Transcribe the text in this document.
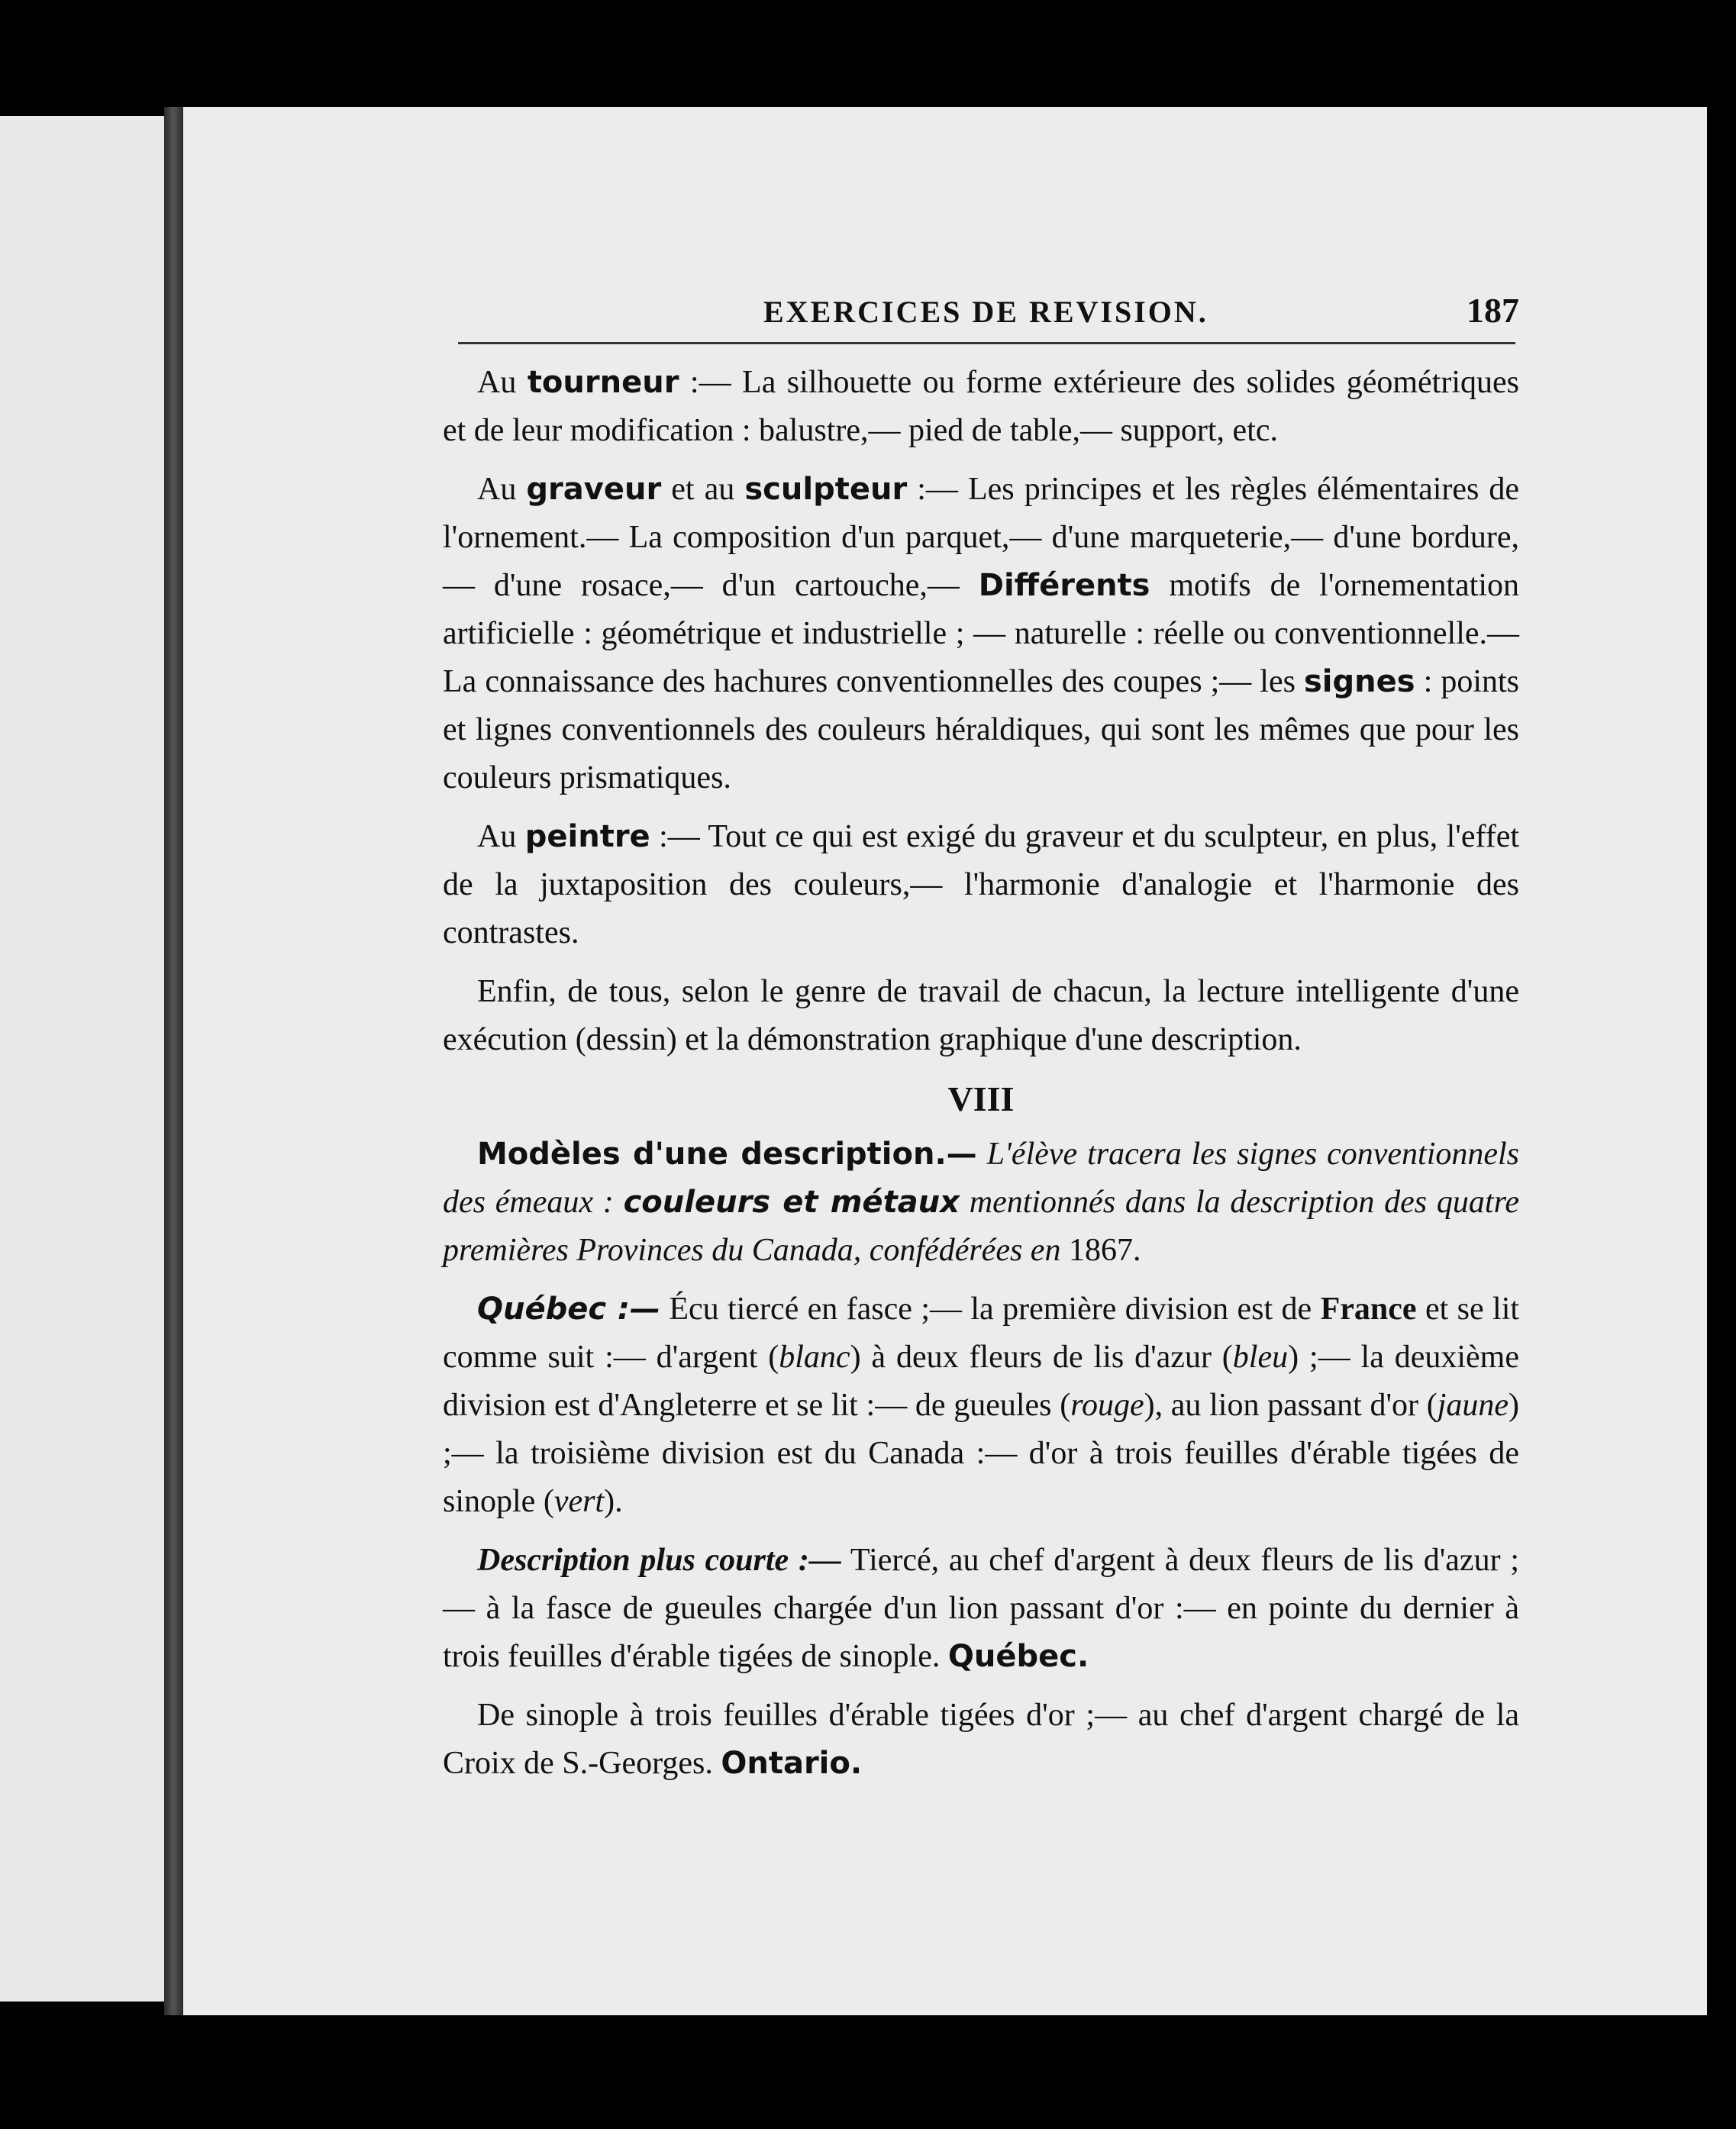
EXERCICES DE REVISION.	187

Au tourneur :— La silhouette ou forme extérieure des solides géométriques et de leur modification : balustre,— pied de table,— support, etc.

Au graveur et au sculpteur :— Les principes et les règles élémentaires de l'ornement.— La composition d'un parquet,— d'une marqueterie,— d'une bordure,— d'une rosace,— d'un cartouche,— Différents motifs de l'ornementation artificielle : géométrique et industrielle ; — naturelle : réelle ou conventionnelle.— La connaissance des hachures conventionnelles des coupes ;— les signes : points et lignes conventionnels des couleurs héraldiques, qui sont les mêmes que pour les couleurs prismatiques.

Au peintre :— Tout ce qui est exigé du graveur et du sculpteur, en plus, l'effet de la juxtaposition des couleurs,— l'harmonie d'analogie et l'harmonie des contrastes.

Enfin, de tous, selon le genre de travail de chacun, la lecture intelligente d'une exécution (dessin) et la démonstration graphique d'une description.

VIII

Modèles d'une description.— L'élève tracera les signes conventionnels des émeaux : couleurs et métaux mentionnés dans la description des quatre premières Provinces du Canada, confédérées en 1867.

Québec :— Écu tiercé en fasce ;— la première division est de France et se lit comme suit :— d'argent (blanc) à deux fleurs de lis d'azur (bleu) ;— la deuxième division est d'Angleterre et se lit :— de gueules (rouge), au lion passant d'or (jaune) ;— la troisième division est du Canada :— d'or à trois feuilles d'érable tigées de sinople (vert).

Description plus courte :— Tiercé, au chef d'argent à deux fleurs de lis d'azur ;— à la fasce de gueules chargée d'un lion passant d'or :— en pointe du dernier à trois feuilles d'érable tigées de sinople. Québec.

De sinople à trois feuilles d'érable tigées d'or ;— au chef d'argent chargé de la Croix de S.-Georges. Ontario.
